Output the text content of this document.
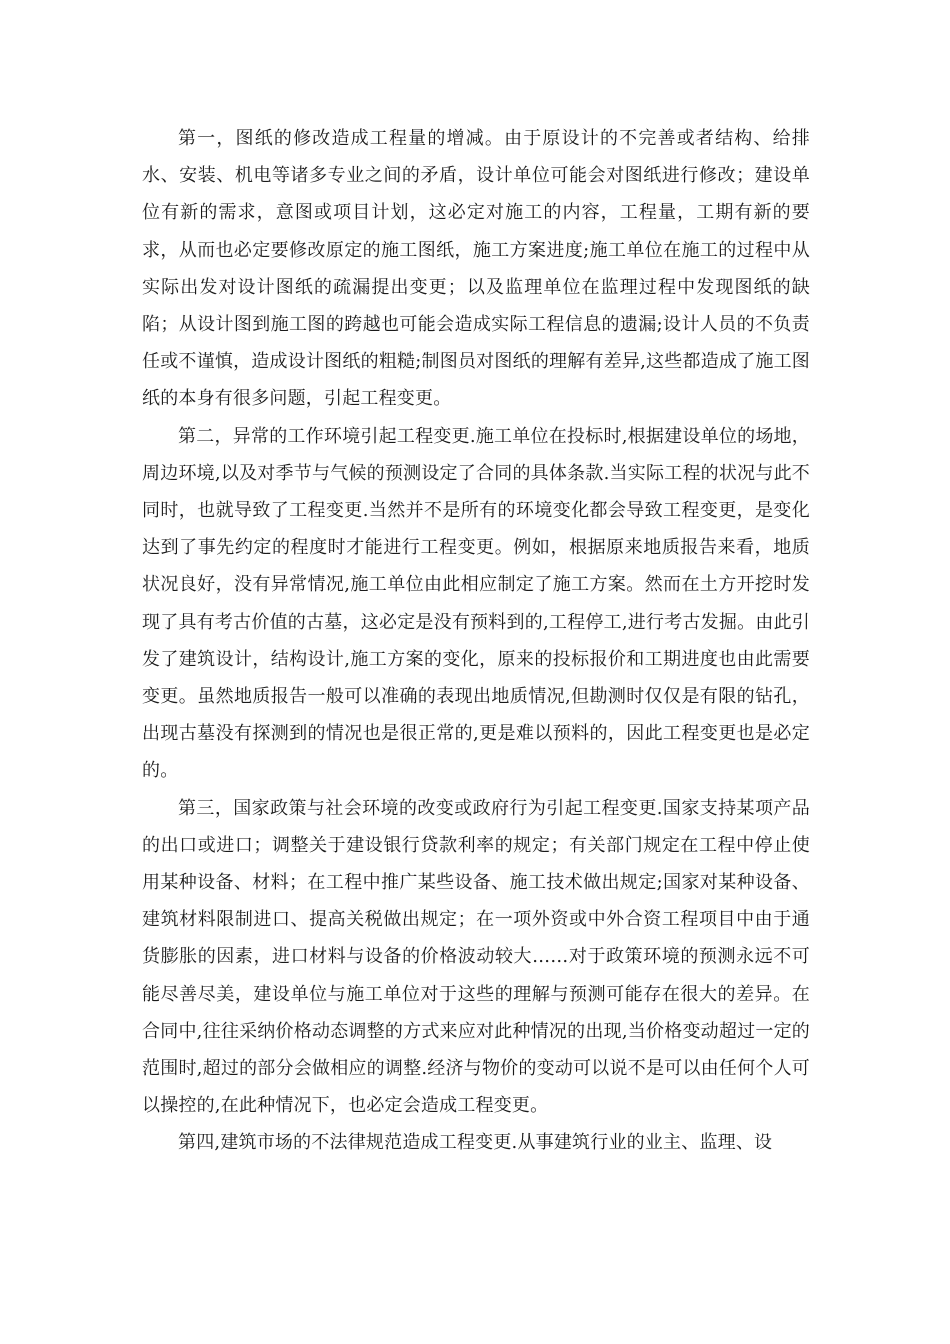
第一，图纸的修改造成工程量的增减。由于原设计的不完善或者结构、给排水、安装、机电等诸多专业之间的矛盾，设计单位可能会对图纸进行修改；建设单位有新的需求，意图或项目计划，这必定对施工的内容，工程量，工期有新的要求，从而也必定要修改原定的施工图纸，施工方案进度;施工单位在施工的过程中从实际出发对设计图纸的疏漏提出变更；以及监理单位在监理过程中发现图纸的缺陷；从设计图到施工图的跨越也可能会造成实际工程信息的遗漏;设计人员的不负责任或不谨慎，造成设计图纸的粗糙;制图员对图纸的理解有差异,这些都造成了施工图纸的本身有很多问题，引起工程变更。

第二，异常的工作环境引起工程变更.施工单位在投标时,根据建设单位的场地，周边环境,以及对季节与气候的预测设定了合同的具体条款.当实际工程的状况与此不同时，也就导致了工程变更.当然并不是所有的环境变化都会导致工程变更，是变化达到了事先约定的程度时才能进行工程变更。例如，根据原来地质报告来看，地质状况良好，没有异常情况,施工单位由此相应制定了施工方案。然而在土方开挖时发现了具有考古价值的古墓，这必定是没有预料到的,工程停工,进行考古发掘。由此引发了建筑设计，结构设计,施工方案的变化，原来的投标报价和工期进度也由此需要变更。虽然地质报告一般可以准确的表现出地质情况,但勘测时仅仅是有限的钻孔，出现古墓没有探测到的情况也是很正常的,更是难以预料的，因此工程变更也是必定的。

第三，国家政策与社会环境的改变或政府行为引起工程变更.国家支持某项产品的出口或进口；调整关于建设银行贷款利率的规定；有关部门规定在工程中停止使用某种设备、材料；在工程中推广某些设备、施工技术做出规定;国家对某种设备、建筑材料限制进口、提高关税做出规定；在一项外资或中外合资工程项目中由于通货膨胀的因素，进口材料与设备的价格波动较大……对于政策环境的预测永远不可能尽善尽美，建设单位与施工单位对于这些的理解与预测可能存在很大的差异。在合同中,往往采纳价格动态调整的方式来应对此种情况的出现,当价格变动超过一定的范围时,超过的部分会做相应的调整.经济与物价的变动可以说不是可以由任何个人可以操控的,在此种情况下，也必定会造成工程变更。

第四,建筑市场的不法律规范造成工程变更.从事建筑行业的业主、监理、设
